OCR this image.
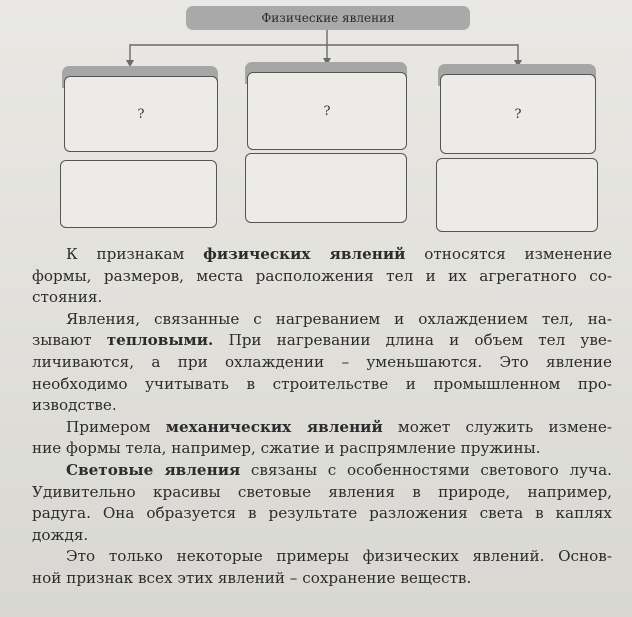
Физические явления
?	?	?

К признакам физических явлений относятся изменение
формы, размеров, места расположения тел и их агрегатного со-
стояния.

Явления, связанные с нагреванием и охлаждением тел, на-
зывают тепловыми. При нагревании длина и объем тел уве-
личиваются, а при охлаждении – уменьшаются. Это явление
необходимо учитывать в строительстве и промышленном про-
изводстве.

Примером механических явлений может служить измене-
ние формы тела, например, сжатие и распрямление пружины.

Световые явления связаны с особенностями светового луча.
Удивительно красивы световые явления в природе, например,
радуга. Она образуется в результате разложения света в каплях
дождя.

Это только некоторые примеры физических явлений. Основ-
ной признак всех этих явлений – сохранение веществ.
